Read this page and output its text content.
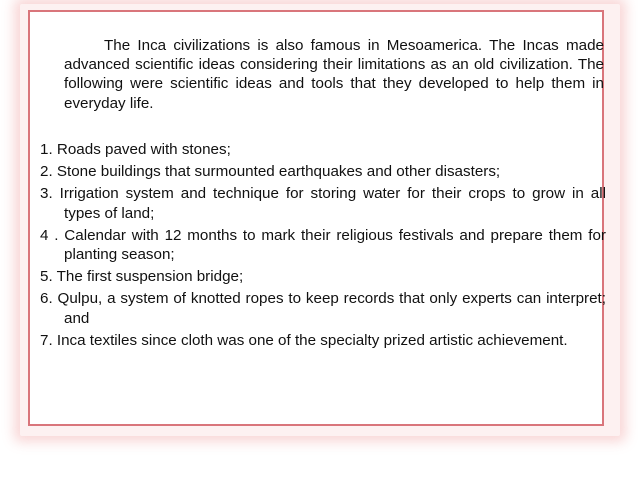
The Inca civilizations is also famous in Mesoamerica. The Incas made advanced scientific ideas considering their limitations as an old civilization. The following were scientific ideas and tools that they developed to help them in everyday life.

1. Roads paved with stones;
2. Stone buildings that surmounted earthquakes and other disasters;
3. Irrigation system and technique for storing water for their crops to grow in all types of land;
4 . Calendar with 12 months to mark their religious festivals and prepare them for planting season;
5. The first suspension bridge;
6. Qulpu, a system of knotted ropes to keep records that only experts can interpret; and
7. Inca textiles since cloth was one of the specialty prized artistic achievement.
